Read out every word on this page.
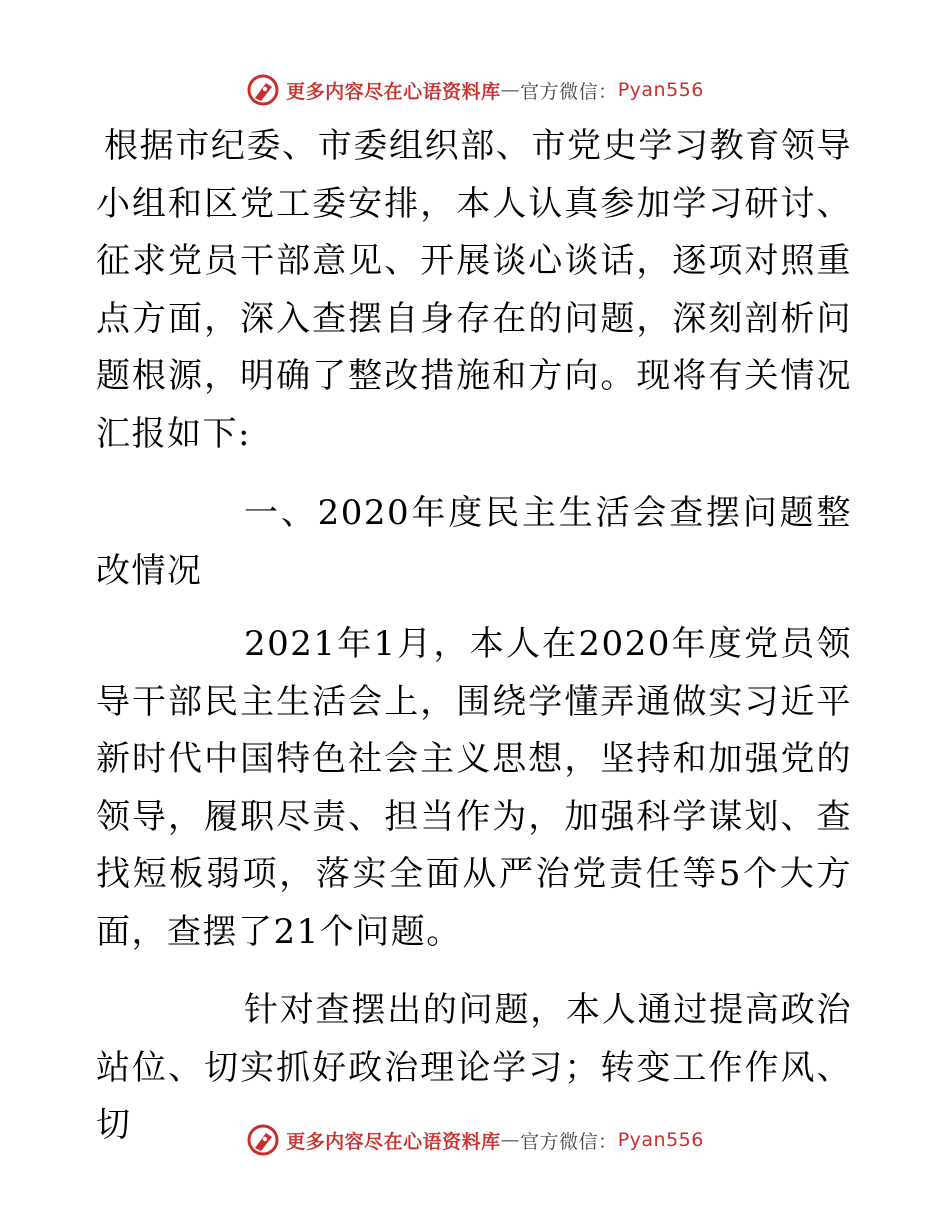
更多内容尽在心语资料库 — 官方微信： Pyan556

根据市纪委、市委组织部、市党史学习教育领导小组和区党工委安排，本人认真参加学习研讨、征求党员干部意见、开展谈心谈话，逐项对照重点方面，深入查摆自身存在的问题，深刻剖析问题根源，明确了整改措施和方向。现将有关情况汇报如下:

一、2020年度民主生活会查摆问题整改情况

2021年1月，本人在2020年度党员领导干部民主生活会上，围绕学懂弄通做实习近平新时代中国特色社会主义思想，坚持和加强党的领导，履职尽责、担当作为，加强科学谋划、查找短板弱项，落实全面从严治党责任等5个大方面，查摆了21个问题。

针对查摆出的问题，本人通过提高政治站位、切实抓好政治理论学习；转变工作作风、切	更多内容尽在心语资料库 — 官方微信： Pyan556
